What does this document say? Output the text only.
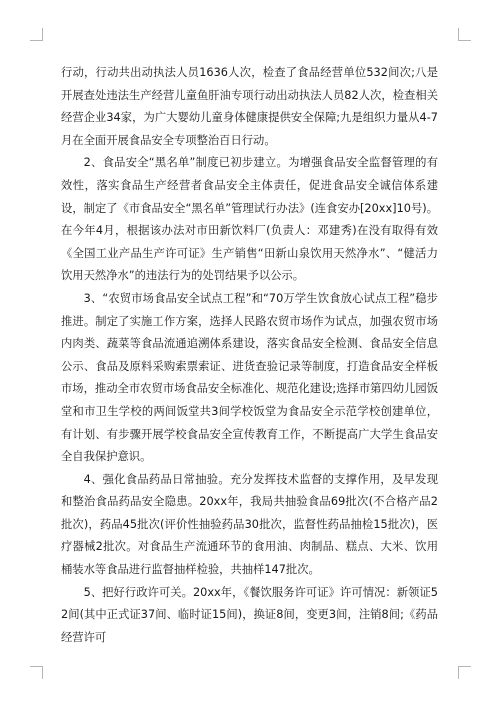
行动，行动共出动执法人员1636人次，检查了食品经营单位532间次;八是开展查处违法生产经营儿童鱼肝油专项行动出动执法人员82人次，检查相关经营企业34家，为广大婴幼儿童身体健康提供安全保障;九是组织力量从4-7月在全面开展食品安全专项整治百日行动。

2、食品安全“黑名单”制度已初步建立。为增强食品安全监督管理的有效性，落实食品生产经营者食品安全主体责任，促进食品安全诚信体系建设，制定了《市食品安全“黑名单”管理试行办法》(连食安办[20xx]10号)。在今年4月，根据该办法对市田新饮料厂(负责人：邓建秀)在没有取得有效《全国工业产品生产许可证》生产销售“田新山泉饮用天然净水”、“健活力饮用天然净水”的违法行为的处罚结果予以公示。

3、“农贸市场食品安全试点工程”和“70万学生饮食放心试点工程”稳步推进。制定了实施工作方案，选择人民路农贸市场作为试点，加强农贸市场内肉类、蔬菜等食品流通追溯体系建设，落实食品安全检测、食品安全信息公示、食品及原料采购索票索证、进货查验记录等制度，打造食品安全样板市场，推动全市农贸市场食品安全标准化、规范化建设;选择市第四幼儿园饭堂和市卫生学校的两间饭堂共3间学校饭堂为食品安全示范学校创建单位，有计划、有步骤开展学校食品安全宣传教育工作，不断提高广大学生食品安全自我保护意识。

4、强化食品药品日常抽验。充分发挥技术监督的支撑作用，及早发现和整治食品药品安全隐患。20xx年，我局共抽验食品69批次(不合格产品2批次)，药品45批次(评价性抽验药品30批次，监督性药品抽检15批次)，医疗器械2批次。对食品生产流通环节的食用油、肉制品、糕点、大米、饮用桶装水等食品进行监督抽样检验，共抽样147批次。

5、把好行政许可关。20xx年，《餐饮服务许可证》许可情况：新领证52间(其中正式证37间、临时证15间)，换证8间，变更3间，注销8间;《药品经营许可
